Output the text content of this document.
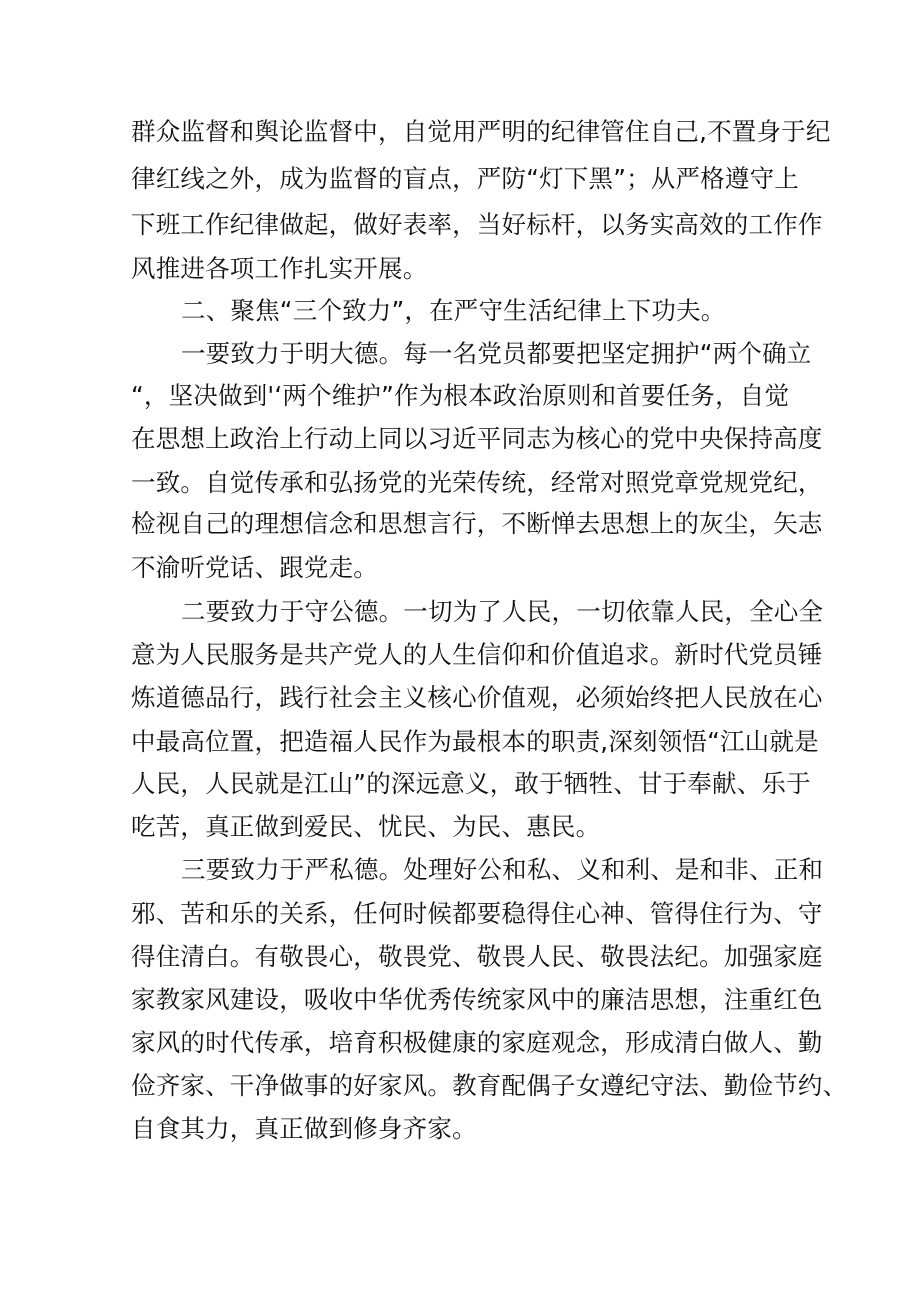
群众监督和舆论监督中，自觉用严明的纪律管住自己,不置身于纪
律红线之外，成为监督的盲点，严防“灯下黑”；从严格遵守上
下班工作纪律做起，做好表率，当好标杆，以务实高效的工作作
风推进各项工作扎实开展。
二、聚焦“三个致力”，在严守生活纪律上下功夫。
一要致力于明大德。每一名党员都要把坚定拥护“两个确立
“，坚决做到'‘两个维护”作为根本政治原则和首要任务，自觉
在思想上政治上行动上同以习近平同志为核心的党中央保持高度
一致。自觉传承和弘扬党的光荣传统，经常对照党章党规党纪，
检视自己的理想信念和思想言行，不断惮去思想上的灰尘，矢志
不渝听党话、跟党走。
二要致力于守公德。一切为了人民，一切依靠人民，全心全
意为人民服务是共产党人的人生信仰和价值追求。新时代党员锤
炼道德品行，践行社会主义核心价值观，必须始终把人民放在心
中最高位置，把造福人民作为最根本的职责,深刻领悟“江山就是
人民，人民就是江山”的深远意义，敢于牺牲、甘于奉献、乐于
吃苦，真正做到爱民、忧民、为民、惠民。
三要致力于严私德。处理好公和私、义和利、是和非、正和
邪、苦和乐的关系，任何时候都要稳得住心神、管得住行为、守
得住清白。有敬畏心，敬畏党、敬畏人民、敬畏法纪。加强家庭
家教家风建设，吸收中华优秀传统家风中的廉洁思想，注重红色
家风的时代传承，培育积极健康的家庭观念，形成清白做人、勤
俭齐家、干净做事的好家风。教育配偶子女遵纪守法、勤俭节约、
自食其力，真正做到修身齐家。
